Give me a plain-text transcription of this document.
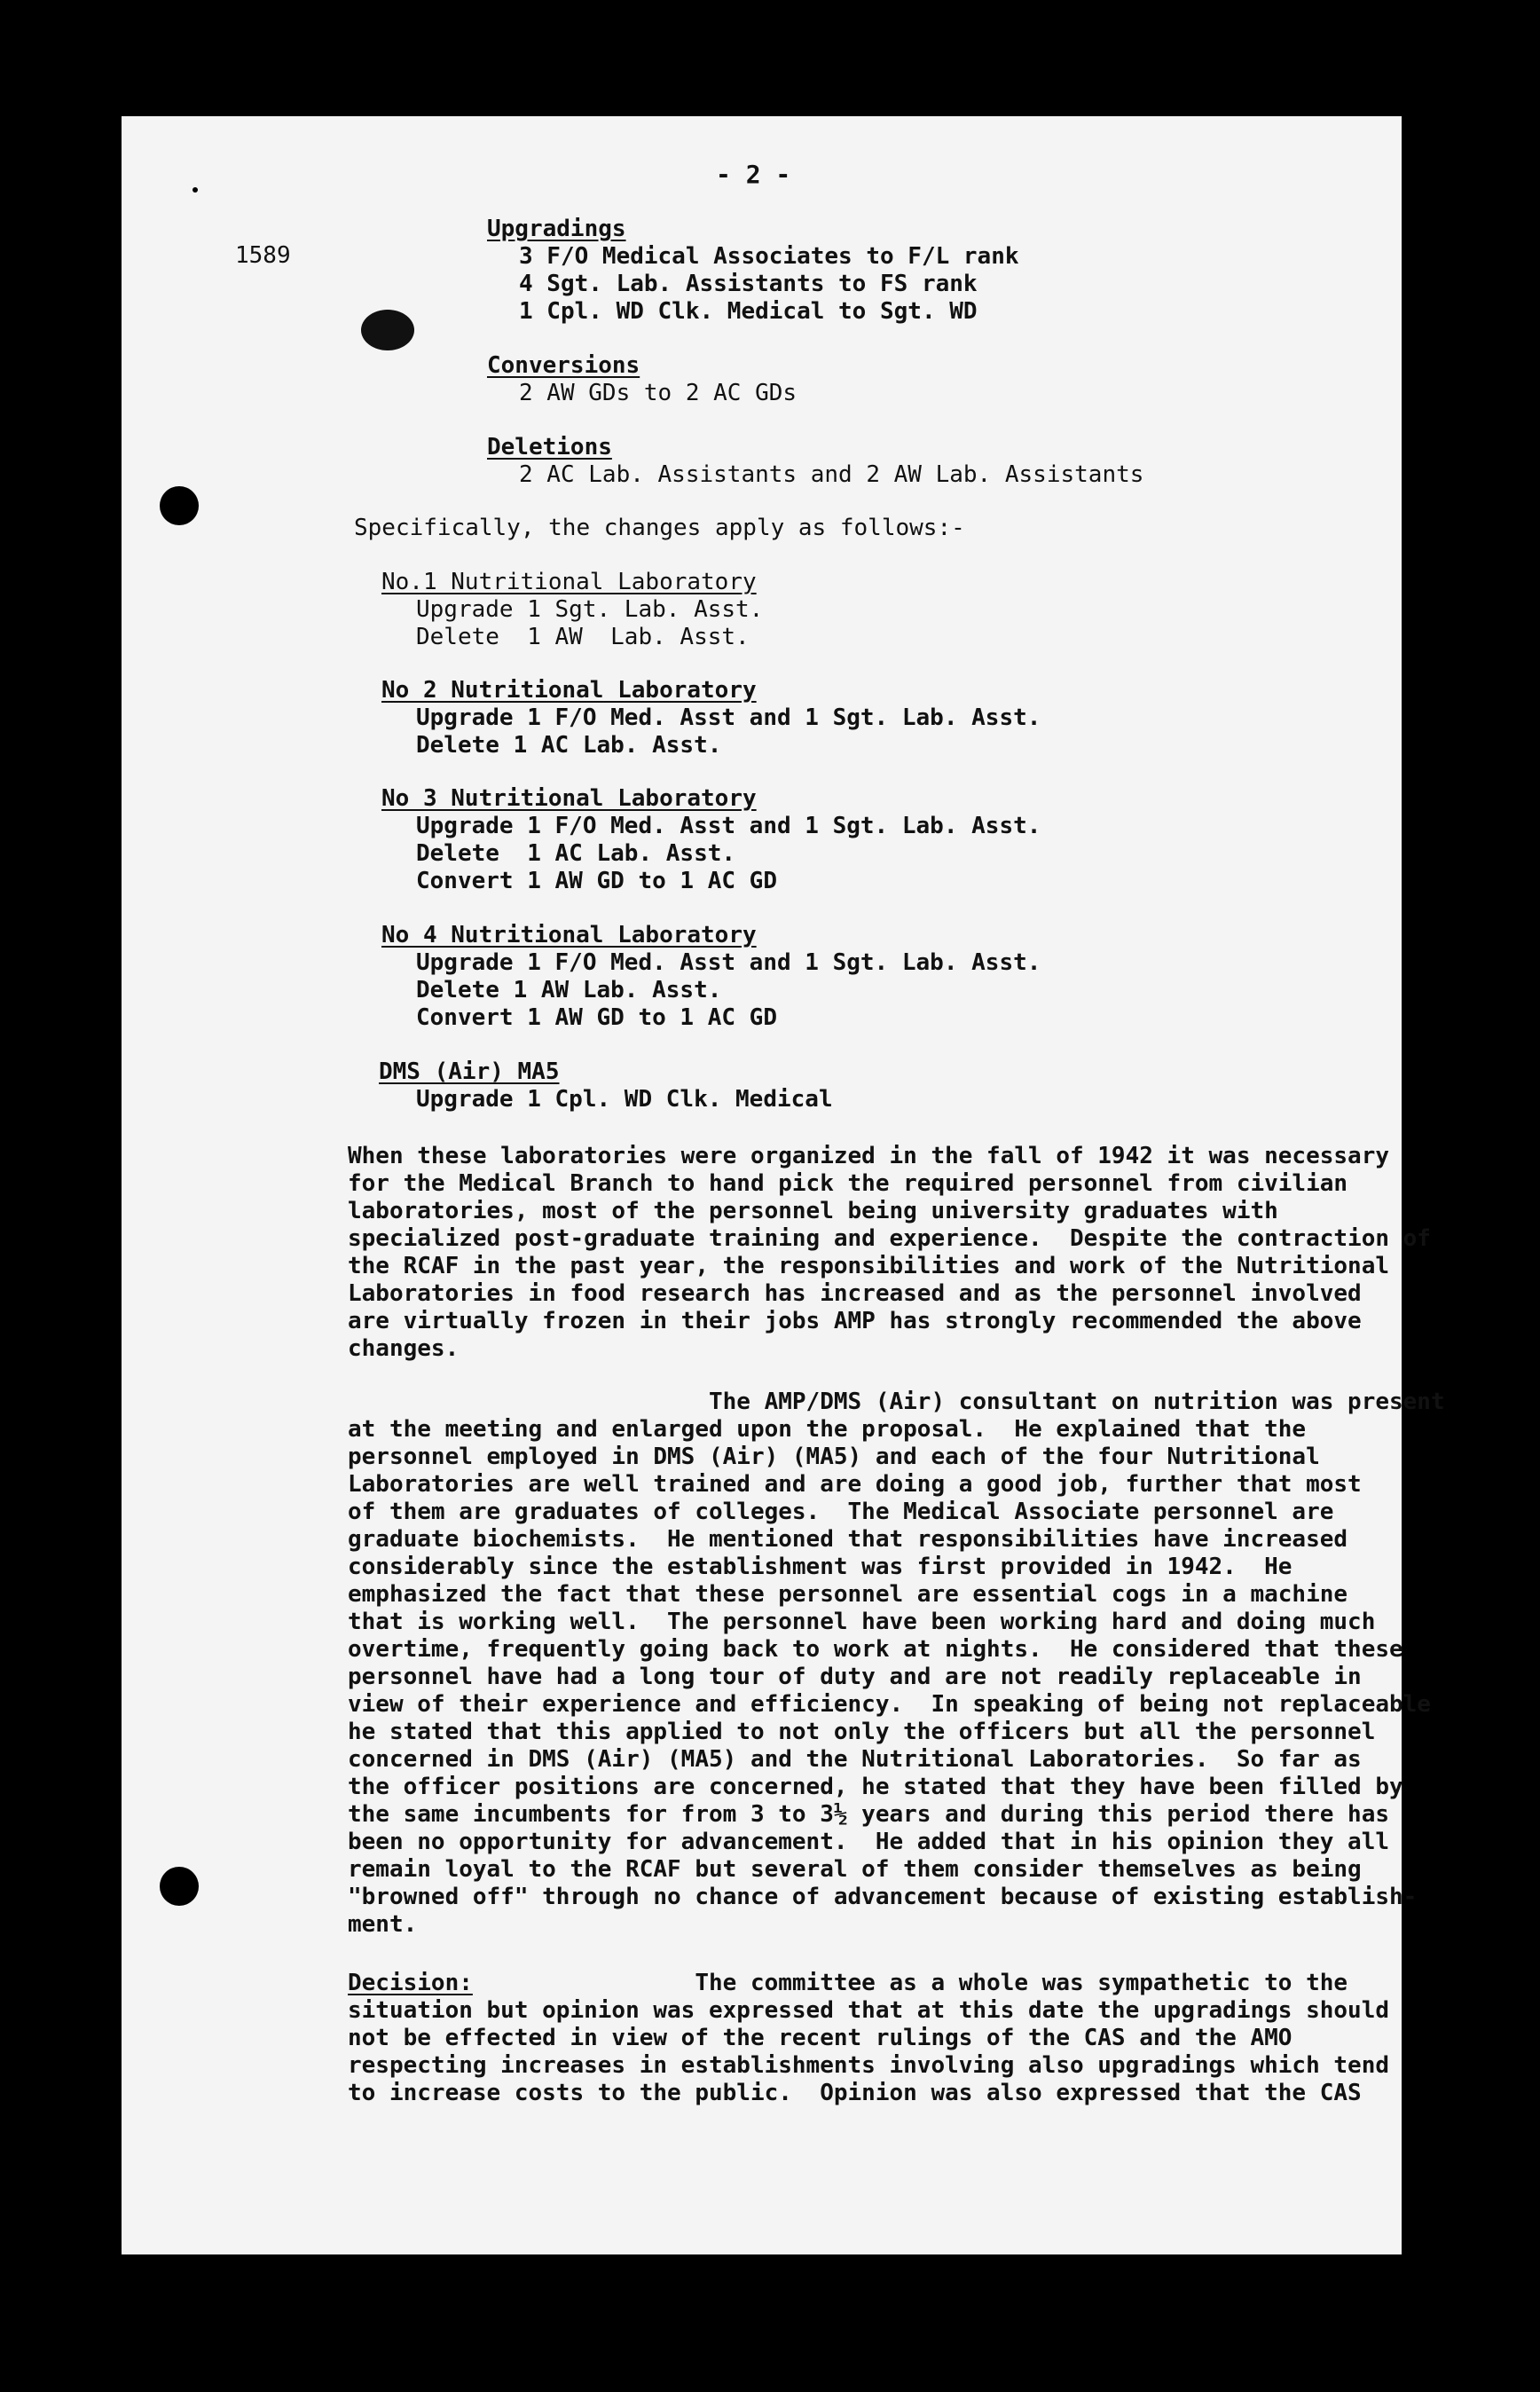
- 2 -
1589
Upgradings
3 F/O Medical Associates to F/L rank
4 Sgt. Lab. Assistants to FS rank
1 Cpl. WD Clk. Medical to Sgt. WD
Conversions
2 AW GDs to 2 AC GDs
Deletions
2 AC Lab. Assistants and 2 AW Lab. Assistants
Specifically, the changes apply as follows:-
No.1 Nutritional Laboratory
Upgrade 1 Sgt. Lab. Asst.
Delete  1 AW  Lab. Asst.
No 2 Nutritional Laboratory
Upgrade 1 F/O Med. Asst and 1 Sgt. Lab. Asst.
Delete 1 AC Lab. Asst.
No 3 Nutritional Laboratory
Upgrade 1 F/O Med. Asst and 1 Sgt. Lab. Asst.
Delete  1 AC Lab. Asst.
Convert 1 AW GD to 1 AC GD
No 4 Nutritional Laboratory
Upgrade 1 F/O Med. Asst and 1 Sgt. Lab. Asst.
Delete 1 AW Lab. Asst.
Convert 1 AW GD to 1 AC GD
DMS (Air) MA5
Upgrade 1 Cpl. WD Clk. Medical
When these laboratories were organized in the fall of 1942 it was necessary
for the Medical Branch to hand pick the required personnel from civilian
laboratories, most of the personnel being university graduates with
specialized post-graduate training and experience.  Despite the contraction of
the RCAF in the past year, the responsibilities and work of the Nutritional
Laboratories in food research has increased and as the personnel involved
are virtually frozen in their jobs AMP has strongly recommended the above
changes.
The AMP/DMS (Air) consultant on nutrition was present
at the meeting and enlarged upon the proposal.  He explained that the
personnel employed in DMS (Air) (MA5) and each of the four Nutritional
Laboratories are well trained and are doing a good job, further that most
of them are graduates of colleges.  The Medical Associate personnel are
graduate biochemists.  He mentioned that responsibilities have increased
considerably since the establishment was first provided in 1942.  He
emphasized the fact that these personnel are essential cogs in a machine
that is working well.  The personnel have been working hard and doing much
overtime, frequently going back to work at nights.  He considered that these
personnel have had a long tour of duty and are not readily replaceable in
view of their experience and efficiency.  In speaking of being not replaceable
he stated that this applied to not only the officers but all the personnel
concerned in DMS (Air) (MA5) and the Nutritional Laboratories.  So far as
the officer positions are concerned, he stated that they have been filled by
the same incumbents for from 3 to 3½ years and during this period there has
been no opportunity for advancement.  He added that in his opinion they all
remain loyal to the RCAF but several of them consider themselves as being
"browned off" through no chance of advancement because of existing establish-
ment.
Decision:                The committee as a whole was sympathetic to the
situation but opinion was expressed that at this date the upgradings should
not be effected in view of the recent rulings of the CAS and the AMO
respecting increases in establishments involving also upgradings which tend
to increase costs to the public.  Opinion was also expressed that the CAS
